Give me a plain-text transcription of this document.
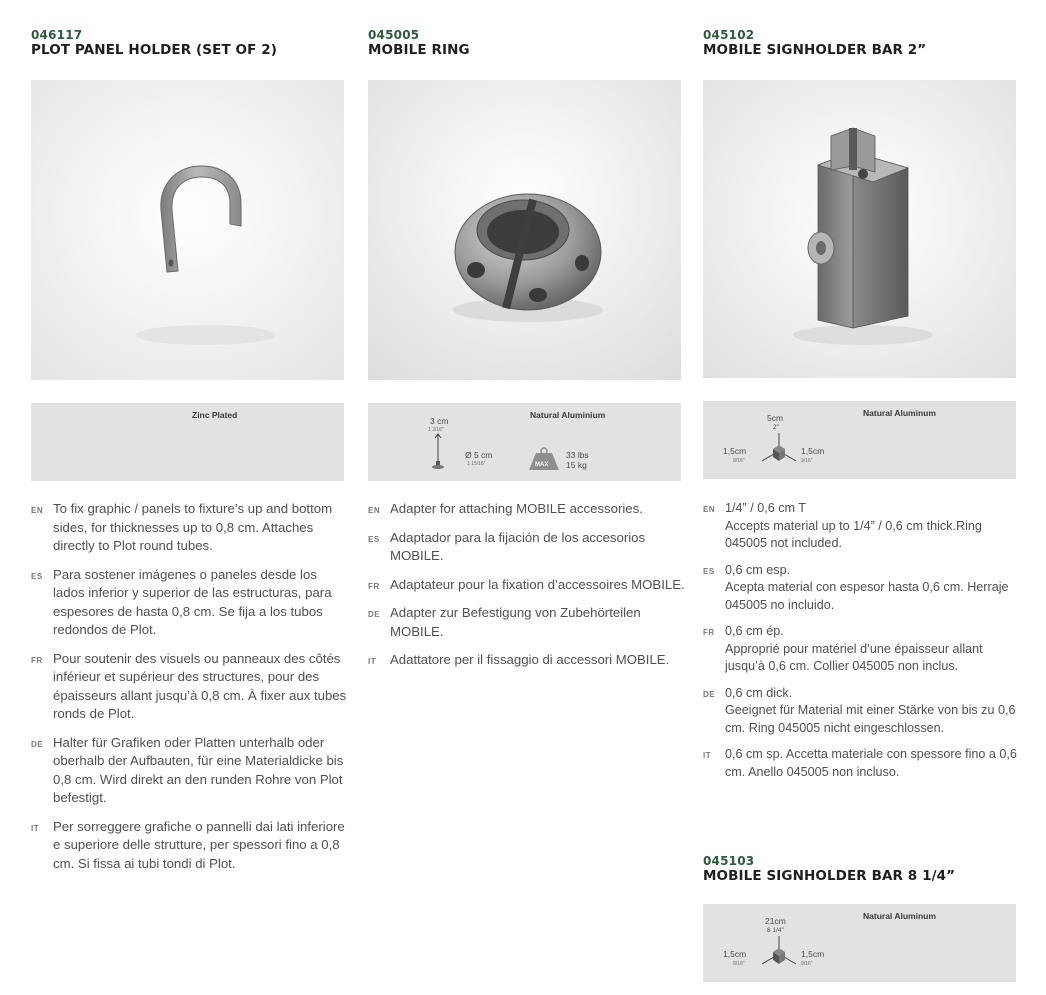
046117
PLOT PANEL HOLDER (SET OF 2)
Zinc Plated
EN To fix graphic / panels to fixture’s up and bottom sides, for thicknesses up to 0,8 cm. Attaches directly to Plot round tubes.
ES Para sostener imágenes o paneles desde los lados inferior y superior de las estructuras, para espesores de hasta 0,8 cm. Se fija a los tubos redondos de Plot.
FR Pour soutenir des visuels ou panneaux des côtés inférieur et supérieur des structures, pour des épaisseurs allant jusqu’à 0,8 cm. À fixer aux tubes ronds de Plot.
DE Halter für Grafiken oder Platten unterhalb oder oberhalb der Aufbauten, für eine Materialdicke bis 0,8 cm. Wird direkt an den runden Rohre von Plot befestigt.
IT Per sorreggere grafiche o pannelli dai lati inferiore e superiore delle strutture, per spessori fino a 0,8 cm. Si fissa ai tubi tondi di Plot.
045005
MOBILE RING
Natural Aluminium
3 cm
1 3/16"
Ø 5 cm
1 15/16"	MAX
33 lbs
15 kg
EN Adapter for attaching MOBILE accessories.
ES Adaptador para la fijación de los accesorios MOBILE.
FR Adaptateur pour la fixation d’accessoires MOBILE.
DE Adapter zur Befestigung von Zubehörteilen MOBILE.
IT Adattatore per il fissaggio di accessori MOBILE.
045102
MOBILE SIGNHOLDER BAR 2”
Natural Aluminum
5cm
2”
1,5cm
9/16"
1,5cm
9/16"
EN 1/4” / 0,6 cm T
Accepts material up to 1/4” / 0,6 cm thick.Ring 045005 not included.
ES 0,6 cm esp.
Acepta material con espesor hasta 0,6 cm. Herraje 045005 no incluido.
FR 0,6 cm ép.
Approprié pour matériel d’une épaisseur allant jusqu’à 0,6 cm. Collier 045005 non inclus.
DE 0,6 cm dick.
Geeignet für Material mit einer Stärke von bis zu 0,6 cm. Ring 045005 nicht eingeschlossen.
IT 0,6 cm sp. Accetta materiale con spessore fino a 0,6 cm. Anello 045005 non incluso.
045103
MOBILE SIGNHOLDER BAR 8 1/4”
Natural Aluminum
21cm
8 1/4"
1,5cm
9/16"
1,5cm
9/16"
